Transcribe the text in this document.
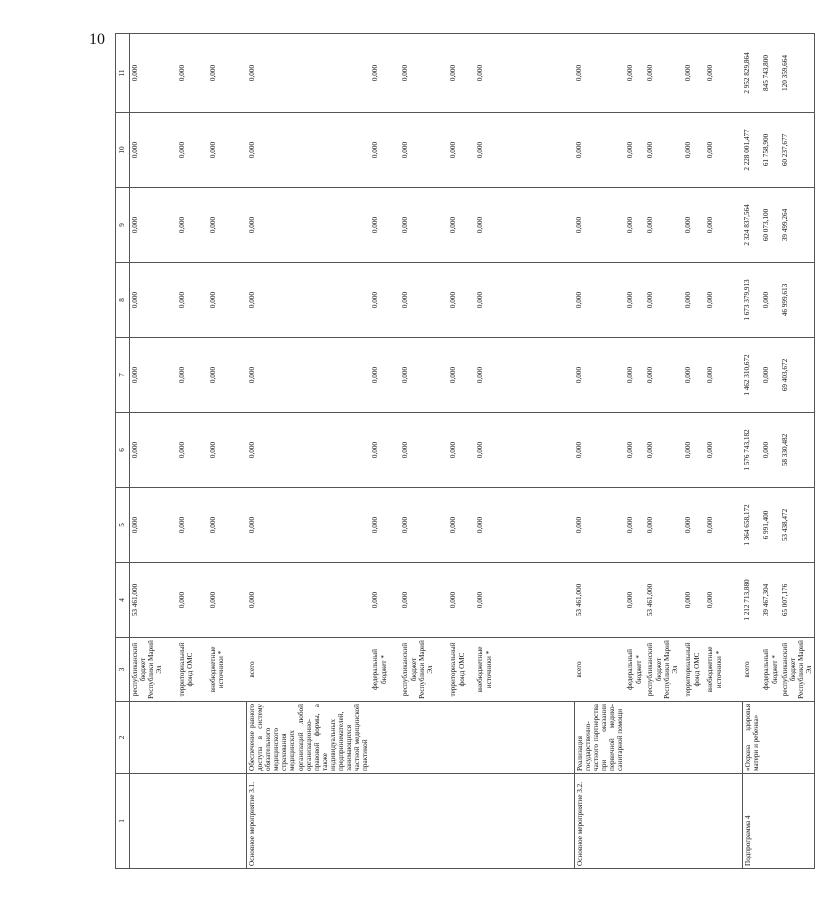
10
1	2	3	4	5	6	7	8	9	10	11
		республиканский бюджет Республики Марий Эл	53 461,000	0,000	0,000	0,000	0,000	0,000	0,000	0,000
		территориальный фонд ОМС	0,000	0,000	0,000	0,000	0,000	0,000	0,000	0,000
		внебюджетные источники *	0,000	0,000	0,000	0,000	0,000	0,000	0,000	0,000
Основное мероприятие 3.1.	Обеспечение равного доступа в систему обязательного медицинского страхования медицинских организаций любой организационно-правовой формы, а также индивидуальных предпринимателей, занимающихся частной медицинской практикой	всего	0,000	0,000	0,000	0,000	0,000	0,000	0,000	0,000
		федеральный бюджет *	0,000	0,000	0,000	0,000	0,000	0,000	0,000	0,000
		республиканский бюджет Республики Марий Эл	0,000	0,000	0,000	0,000	0,000	0,000	0,000	0,000
		территориальный фонд ОМС	0,000	0,000	0,000	0,000	0,000	0,000	0,000	0,000
		внебюджетные источники *	0,000	0,000	0,000	0,000	0,000	0,000	0,000	0,000
Основное мероприятие 3.2.	Реализация государственно-частного партнерства при оказании первичной медико-санитарной помощи	всего	53 461,000	0,000	0,000	0,000	0,000	0,000	0,000	0,000
		федеральный бюджет *	0,000	0,000	0,000	0,000	0,000	0,000	0,000	0,000
		республиканский бюджет Республики Марий Эл	53 461,000	0,000	0,000	0,000	0,000	0,000	0,000	0,000
		территориальный фонд ОМС	0,000	0,000	0,000	0,000	0,000	0,000	0,000	0,000
		внебюджетные источники *	0,000	0,000	0,000	0,000	0,000	0,000	0,000	0,000
Подпрограмма 4	«Охрана здоровья матери и ребенка»	всего	1 212 713,880	1 364 658,172	1 576 743,182	1 462 310,672	1 673 379,913	2 324 837,564	2 228 001,477	2 952 829,864
		федеральный бюджет *	39 467,304	6 991,400	0,000	0,000	0,000	60 073,100	61 758,900	845 743,800
		республиканский бюджет Республики Марий Эл	65 007,176	53 438,472	58 330,482	69 403,672	46 999,613	39 499,264	60 237,677	120 359,664
